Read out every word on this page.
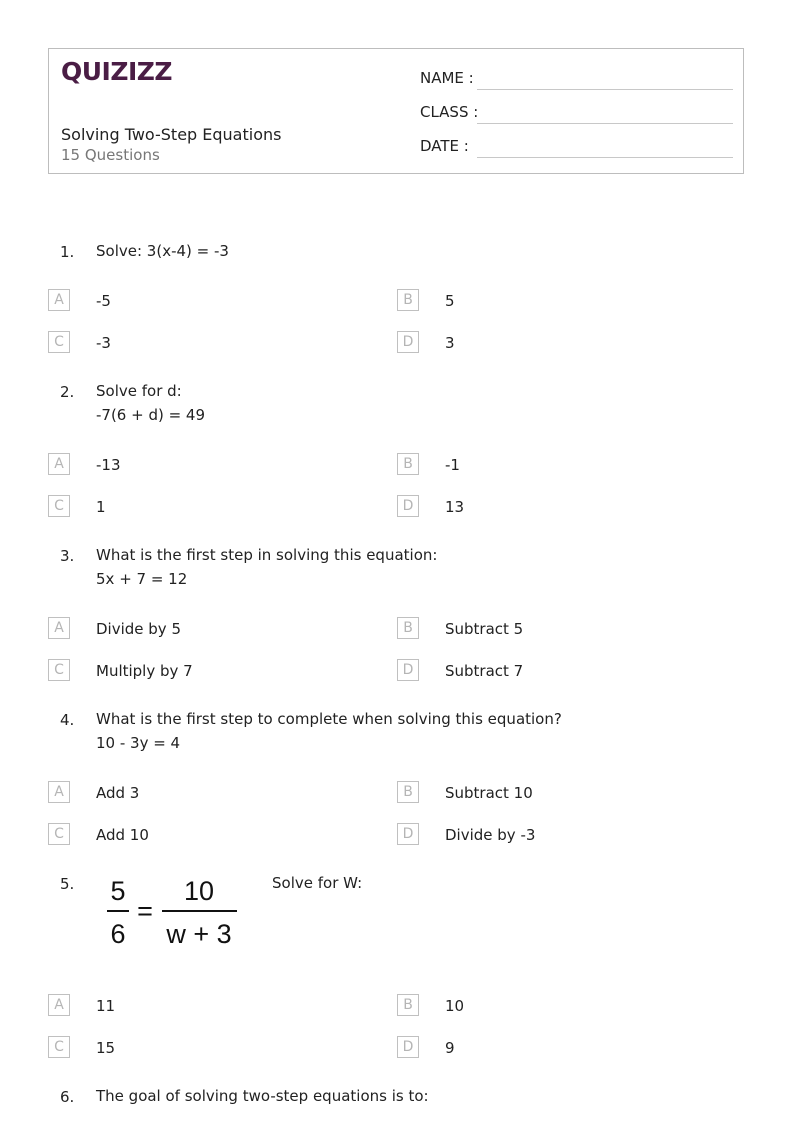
QUIZIZZ
Solving Two-Step Equations
15 Questions
NAME :
CLASS :
DATE :
1. Solve: 3(x-4) = -3
A	-5	B	5
C	-3	D	3
2. Solve for d:
-7(6 + d) = 49
A	-13	B	-1
C	1	D	13
3. What is the first step in solving this equation:
5x + 7 = 12
A	Divide by 5	B	Subtract 5
C	Multiply by 7	D	Subtract 7
4. What is the first step to complete when solving this equation?
10 - 3y = 4
A	Add 3	B	Subtract 10
C	Add 10	D	Divide by -3
5. 5
6
=
10
w + 3
Solve for W:
A	11	B	10
C	15	D	9
6. The goal of solving two-step equations is to:
